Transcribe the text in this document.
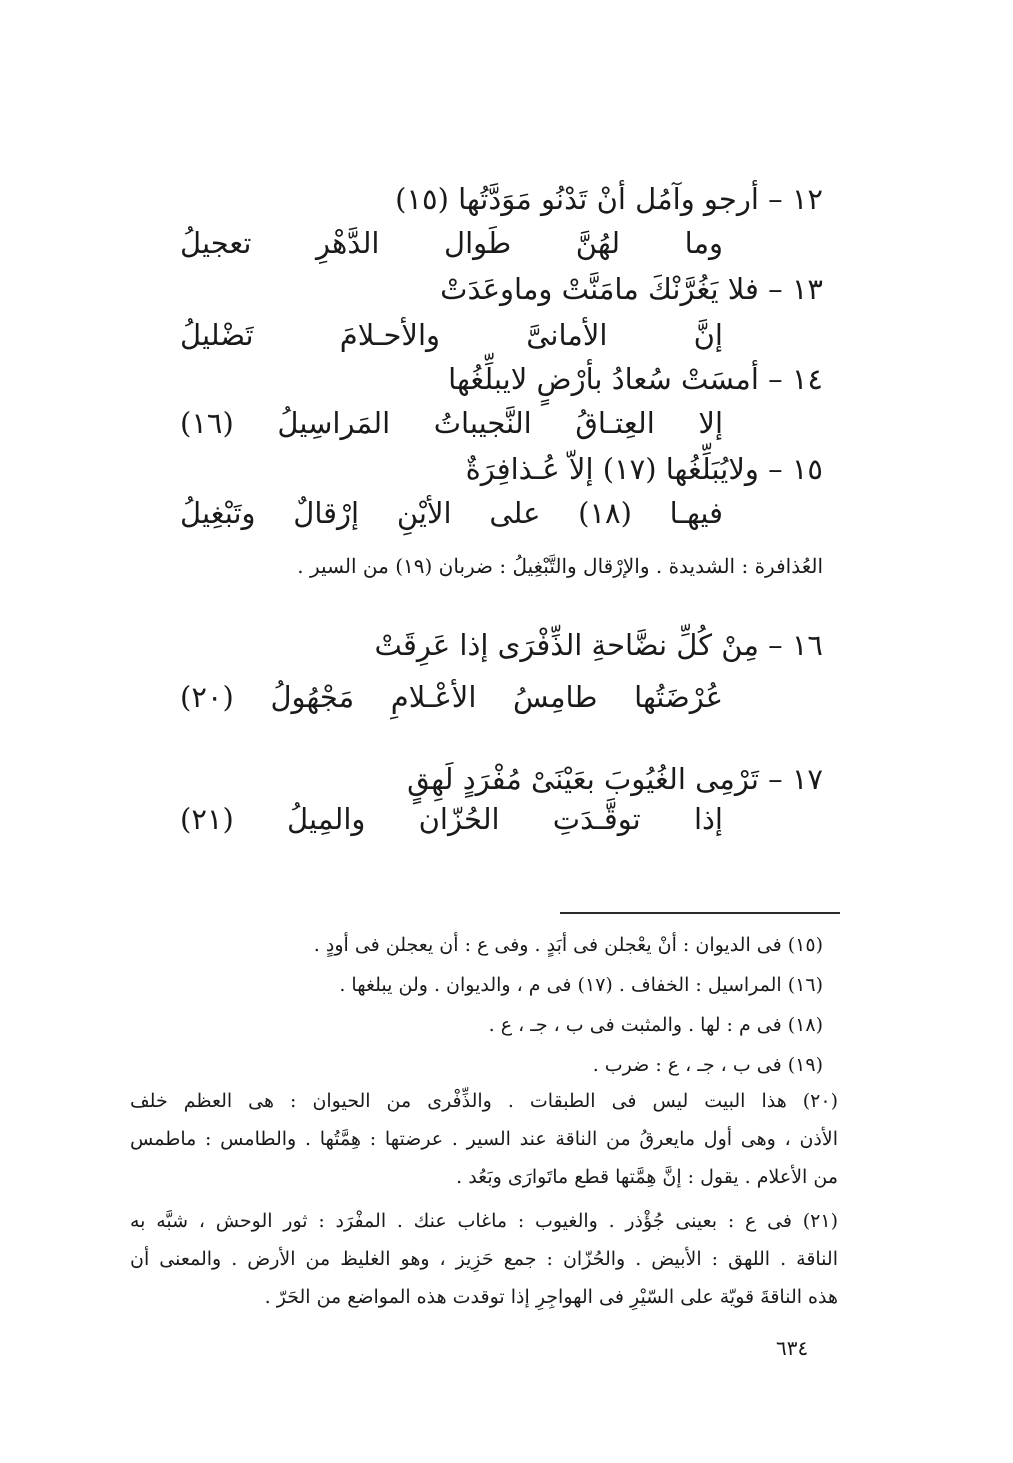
١٢ – أرجو وآمُل أنْ تَدْنُو مَوَدَّتُها (١٥)
وما لهُنَّ طَوال الدَّهْرِ تعجيلُ
١٣ – فلا يَغُرَّنْكَ مامَنَّتْ وماوعَدَتْ
إنَّ الأمانىَّ والأحـلامَ تَضْليلُ
١٤ – أمسَتْ سُعادُ بأرْضٍ لايبلِّغُها
إلا العِتـاقُ النَّجيباتُ المَراسِيلُ (١٦)
١٥ – ولايُبَلِّغُها (١٧) إلاّ عُـذافِرَةٌ
فيهـا (١٨) على الأيْنِ إرْقالٌ وتَبْغِيلُ
العُذافرة : الشديدة . والإرْقال والتَّبْغِيلُ : ضربان (١٩) من السير .
١٦ – مِنْ كُلِّ نضَّاحةِ الذِّفْرَى إذا عَرِقَتْ
عُرْضَتُها طامِسُ الأعْـلامِ مَجْهُولُ (٢٠)
١٧ – تَرْمِى الغُيُوبَ بعَيْنَىْ مُفْرَدٍ لَهِقٍ
إذا توقَّـدَتِ الحُزّان والمِيلُ (٢١)
(١٥) فى الديوان : أنْ يعْجلن فى أبَدٍ . وفى ع : أن يعجلن فى أودٍ .
(١٦) المراسيل : الخفاف . (١٧) فى م ، والديوان . ولن يبلغها .
(١٨) فى م : لها . والمثبت فى ب ، جـ ، ع .
(١٩) فى ب ، جـ ، ع : ضرب .
(٢٠) هذا البيت ليس فى الطبقات . والذِّفْرى من الحيوان : هى العظم خلف
الأذن ، وهى أول مايعرقُ من الناقة عند السير . عرضتها : هِمَّتُها . والطامس : ماطمس
من الأعلام . يقول : إنَّ هِمَّتها قطع ماتَوارَى وبَعُد .
(٢١) فى ع : بعينى جُؤْذر . والغيوب : ماغاب عنك . المفْرَد : ثور الوحش ، شبَّه به
الناقة . اللهق : الأبيض . والحُزّان : جمع حَزِيز ، وهو الغليظ من الأرض . والمعنى أن
هذه الناقةَ قويّة على السّيْرِ فى الهواجِرِ إذا توقدت هذه المواضع من الحَرّ .
٦٣٤
